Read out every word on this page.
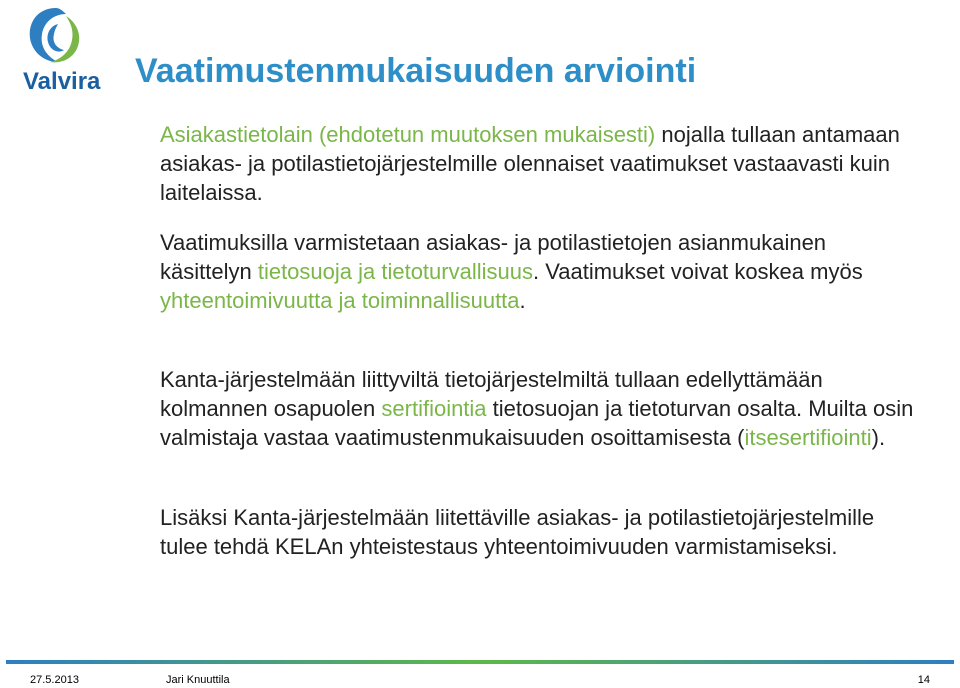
Valvira Vaatimustenmukaisuuden arviointi

Asiakastietolain (ehdotetun muutoksen mukaisesti) nojalla tullaan antamaan asiakas- ja potilastietojärjestelmille olennaiset vaatimukset vastaavasti kuin laitelaissa.

Vaatimuksilla varmistetaan asiakas- ja potilastietojen asianmukainen käsittelyn tietosuoja ja tietoturvallisuus. Vaatimukset voivat koskea myös yhteentoimivuutta ja toiminnallisuutta.

Kanta-järjestelmään liittyviltä tietojärjestelmiltä tullaan edellyttämään kolmannen osapuolen sertifiointia tietosuojan ja tietoturvan osalta. Muilta osin valmistaja vastaa vaatimustenmukaisuuden osoittamisesta (itsesertifiointi).

Lisäksi Kanta-järjestelmään liitettäville asiakas- ja potilastietojärjestelmille tulee tehdä KELAn yhteistestaus yhteentoimivuuden varmistamiseksi.

27.5.2013	Jari Knuuttila	14
